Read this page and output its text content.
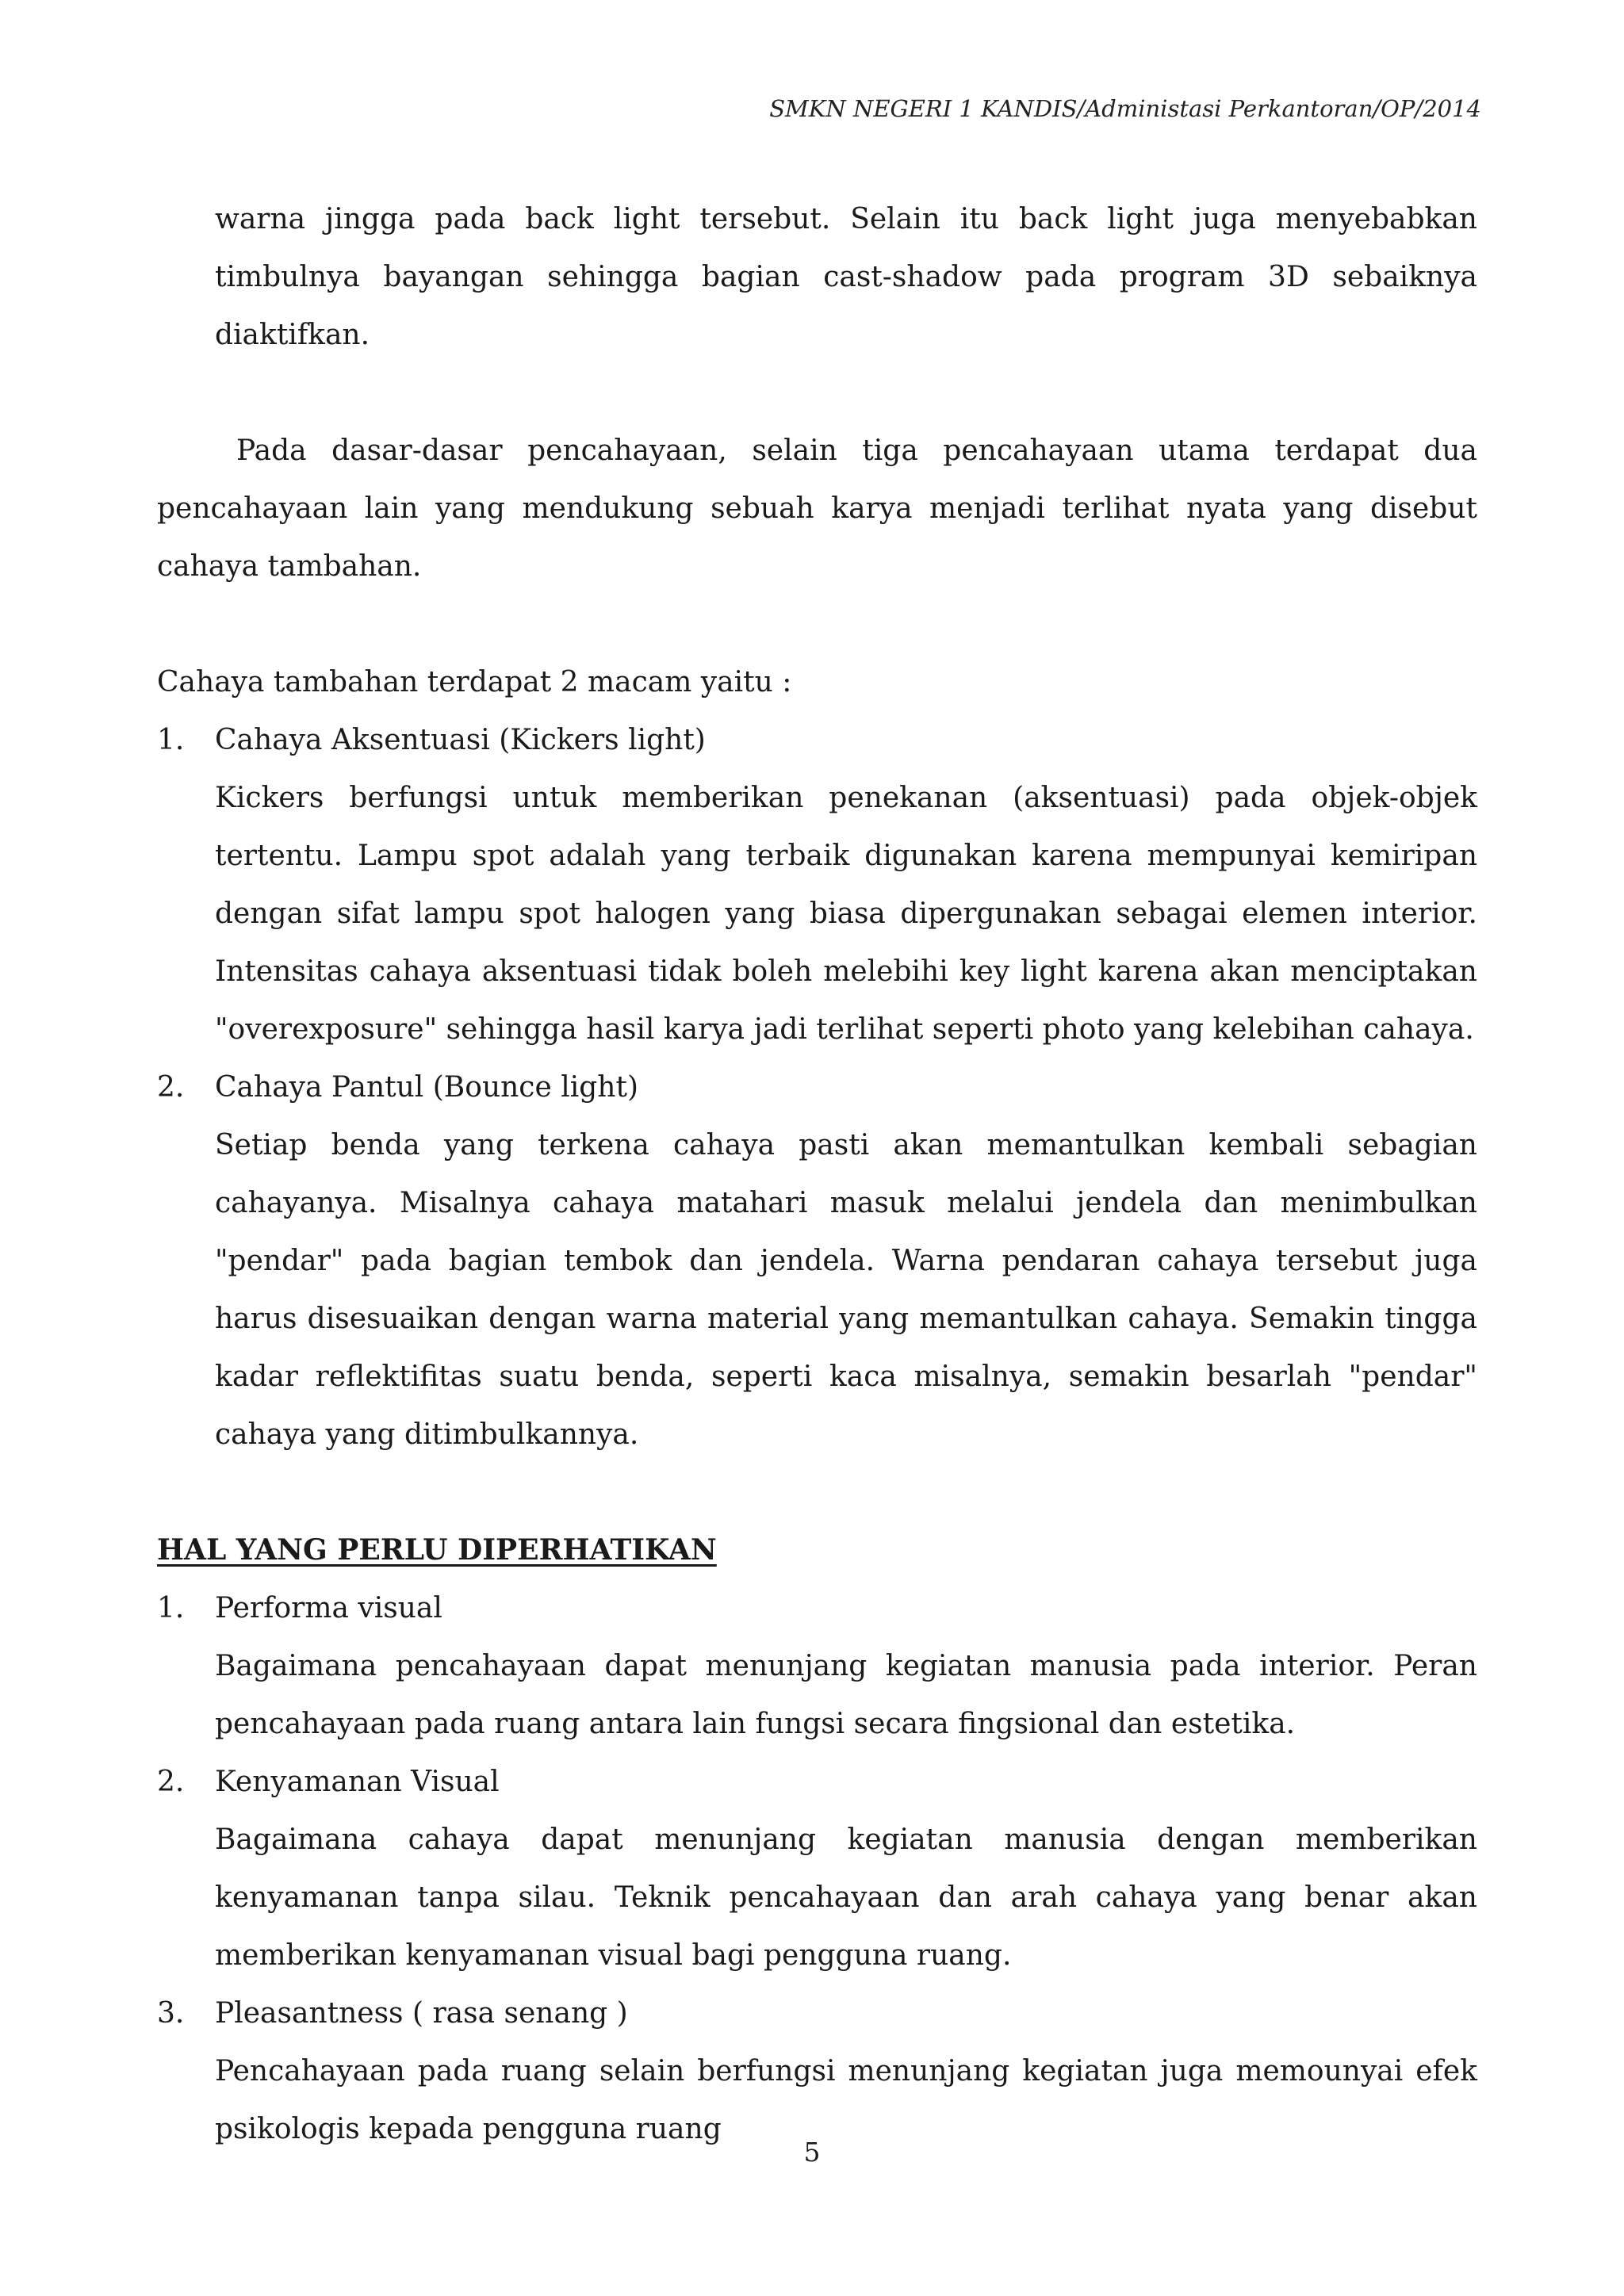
SMKN NEGERI 1 KANDIS/Administasi Perkantoran/OP/2014

warna jingga pada back light tersebut. Selain itu back light juga menyebabkan timbulnya bayangan sehingga bagian cast-shadow pada program 3D sebaiknya diaktifkan.

Pada dasar-dasar pencahayaan, selain tiga pencahayaan utama terdapat dua pencahayaan lain yang mendukung sebuah karya menjadi terlihat nyata yang disebut cahaya tambahan.

Cahaya tambahan terdapat 2 macam yaitu :

1.	Cahaya Aksentuasi (Kickers light)

Kickers berfungsi untuk memberikan penekanan (aksentuasi) pada objek-objek tertentu. Lampu spot adalah yang terbaik digunakan karena mempunyai kemiripan dengan sifat lampu spot halogen yang biasa dipergunakan sebagai elemen interior. Intensitas cahaya aksentuasi tidak boleh melebihi key light karena akan menciptakan "overexposure" sehingga hasil karya jadi terlihat seperti photo yang kelebihan cahaya.

2.	Cahaya Pantul (Bounce light)

Setiap benda yang terkena cahaya pasti akan memantulkan kembali sebagian cahayanya. Misalnya cahaya matahari masuk melalui jendela dan menimbulkan "pendar" pada bagian tembok dan jendela. Warna pendaran cahaya tersebut juga harus disesuaikan dengan warna material yang memantulkan cahaya. Semakin tingga kadar reflektifitas suatu benda, seperti kaca misalnya, semakin besarlah "pendar" cahaya yang ditimbulkannya.

HAL YANG PERLU DIPERHATIKAN

1.	Performa visual

Bagaimana pencahayaan dapat menunjang kegiatan manusia pada interior. Peran pencahayaan pada ruang antara lain fungsi secara fingsional dan estetika.

2.	Kenyamanan Visual

Bagaimana cahaya dapat menunjang kegiatan manusia dengan memberikan kenyamanan tanpa silau. Teknik pencahayaan dan arah cahaya yang benar akan memberikan kenyamanan visual bagi pengguna ruang.

3.	Pleasantness ( rasa senang )

Pencahayaan pada ruang selain berfungsi menunjang kegiatan juga memounyai efek psikologis kepada pengguna ruang

5
